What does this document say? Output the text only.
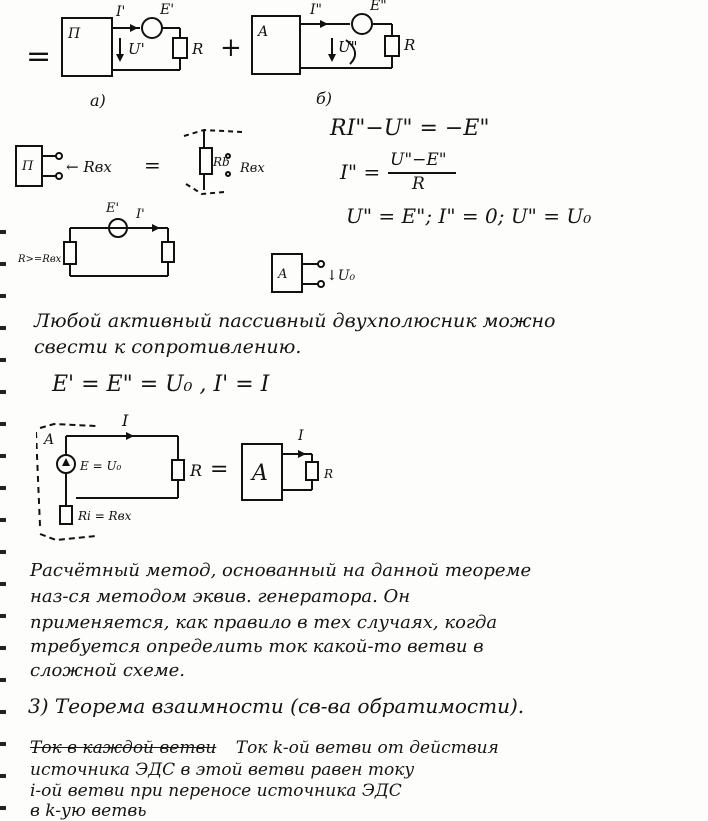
=	+
П	A
I' E'
U'	R
I"	E"
U"	R
a)	б)
RI"−U" = −E"
I" = U"−E"
R
U" = E"; I" = 0; U" = U₀
П ← Rвх =	Rb Rвх
E' I'
R>=Rвх
A	↓U₀
Любой активный пассивный двухполюсник можно
свести к сопротивлению.
E' = E" = U₀ , I' = I
A
I
E = U₀
Ri = Rвх
R = A
I
R
Расчётный метод, основанный на данной теореме
наз-ся методом эквив. генератора. Он
применяется, как правило в тех случаях, когда
требуется определить ток какой-то ветви в
сложной схеме.
3) Теорема взаимности (св-ва обратимости).
Ток в каждой ветви Ток k-ой ветви от действия
источника ЭДС в этой ветви равен току
i-ой ветви при переносе источника ЭДС
в k-ую ветвь
